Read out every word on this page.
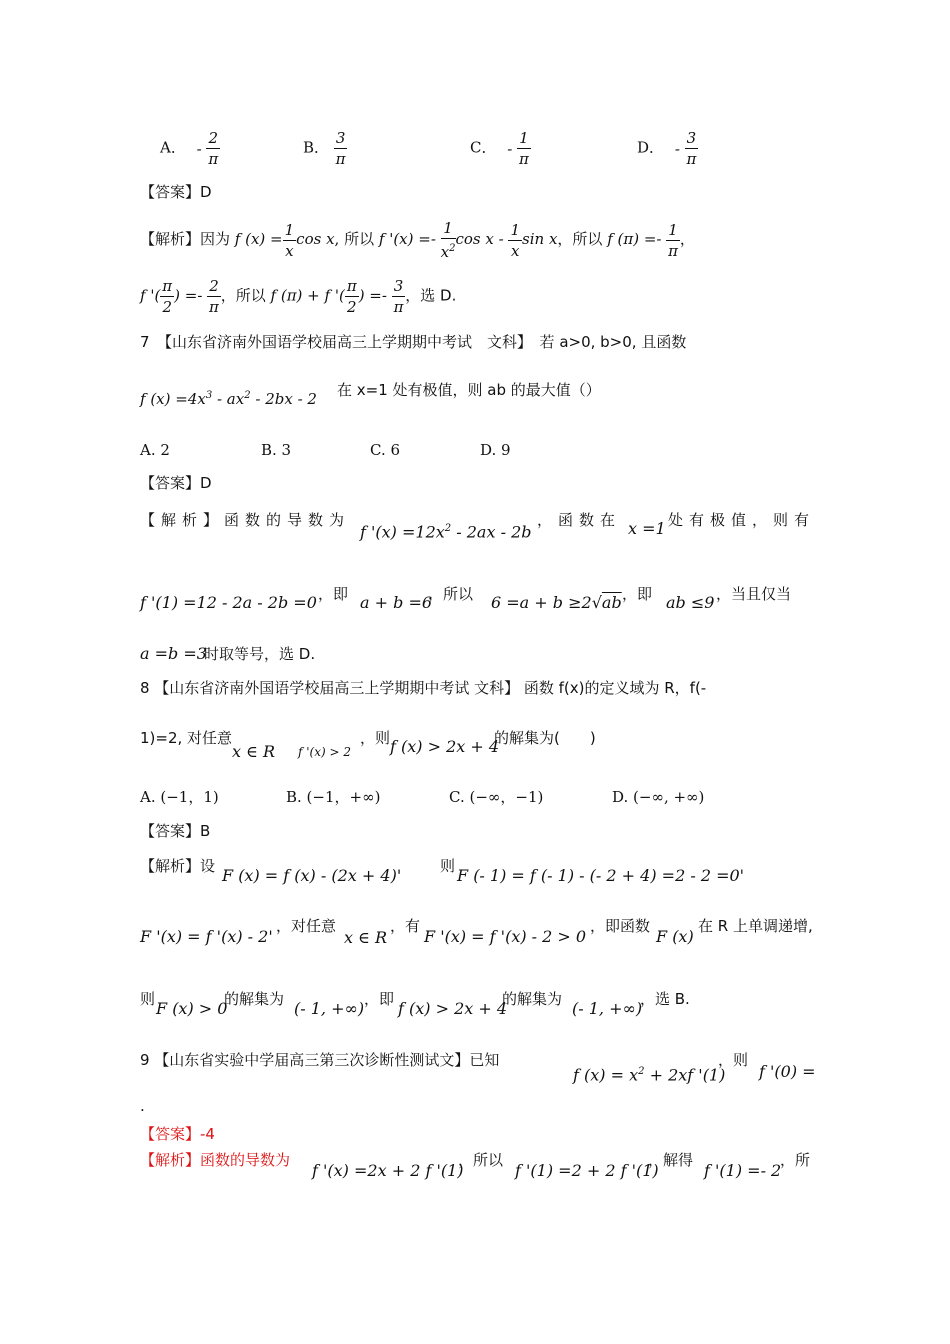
A． - $\frac{2}{\pi}$	B． $\frac{3}{\pi}$	C． - $\frac{1}{\pi}$	D． - $\frac{3}{\pi}$
【答案】D
【解析】因为 f $(x) = \frac{1}{x}$ cos x, 所以 f '$(x) =- \frac{1}{x^2}$ cos x - $\frac{1}{x}$ sin x，所以 f $(\pi) =- \frac{1}{\pi}$ ，
f '( $\frac{\pi}{2}$ ) =- $\frac{2}{\pi}$ ，所以 f (π) + f '( $\frac{\pi}{2}$ ) =- $\frac{3}{\pi}$ ，选 D.
7　【山东省济南外国语学校届高三上学期期中考试　文科】　若 a>0, b>0, 且函数
f $(x) =4x^3 - ax^2 - 2bx - 2$ 在 x=1 处有极值，则 ab 的最大值（）
A. 2	B. 3	C. 6	D. 9
【答案】D
【解析】函数的导数为
f '$(x) =12x^2 - 2ax - 2b$
，函数在 x =1 处有极值，则有
f '(1) =12 - 2a - 2b =0 ，即 a + b =6
，所以 6 =a + b ≥2√ab ，即 ab ≤9 ，当且仅当
a =b =3
时取等号，选 D.
8 【山东省济南外国语学校届高三上学期期中考试 文科】 函数 f(x)的定义域为 R，f(-
1)=2, 对任意
x ∈ R f '(x) > 2
，则 f (x) > 2x + 4
的解集为(　　)
A. (−1，1)	B. (−1，+∞)	C. (−∞，−1)	D. (−∞, +∞)
【答案】B
【解析】设 F (x) = f (x) - (2x + 4)'	则 F (- 1) = f (- 1) - (- 2 + 4) =2 - 2 =0'
F '(x) = f '(x) - 2'
，对任意
x ∈ R
，有
F '(x) = f '(x) - 2 > 0
，即函数
F (x)
在 R 上单调递增,
则 F (x) > 0
的解集为 (- 1, +∞) ，即 f (x) > 2x + 4
的解集为 (- 1, +∞)
，选 B.
9 【山东省实验中学届高三第三次诊断性测试文】已知
f $(x) = x^2 + 2xf$ '(1)
，则
f '(0) =
.
【答案】-4
【解析】函数的导数为
f '(x) =2x + 2 f '(1)
，所以
f '(1) =2 + 2 f '(1)
，解得
f '(1) =- 2
，所
